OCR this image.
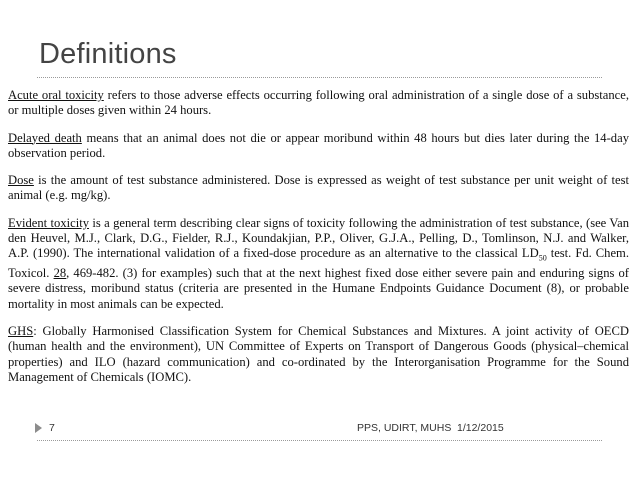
Definitions

Acute oral toxicity refers to those adverse effects occurring following oral administration of a single dose of a substance, or multiple doses given within 24 hours.

Delayed death means that an animal does not die or appear moribund within 48 hours but dies later during the 14-day observation period.

Dose is the amount of test substance administered. Dose is expressed as weight of test substance per unit weight of test animal (e.g. mg/kg).

Evident toxicity is a general term describing clear signs of toxicity following the administration of test substance, (see Van den Heuvel, M.J., Clark, D.G., Fielder, R.J., Koundakjian, P.P., Oliver, G.J.A., Pelling, D., Tomlinson, N.J. and Walker, A.P. (1990). The international validation of a fixed-dose procedure as an alternative to the classical $LD_{50}$ test. Fd. Chem. Toxicol. 28, 469-482. (3) for examples) such that at the next highest fixed dose either severe pain and enduring signs of severe distress, moribund status (criteria are presented in the Humane Endpoints Guidance Document (8), or probable mortality in most animals can be expected.

GHS: Globally Harmonised Classification System for Chemical Substances and Mixtures. A joint activity of OECD (human health and the environment), UN Committee of Experts on Transport of Dangerous Goods (physical–chemical properties) and ILO (hazard communication) and co-ordinated by the Interorganisation Programme for the Sound Management of Chemicals (IOMC).

7	PPS, UDIRT, MUHS 1/12/2015
